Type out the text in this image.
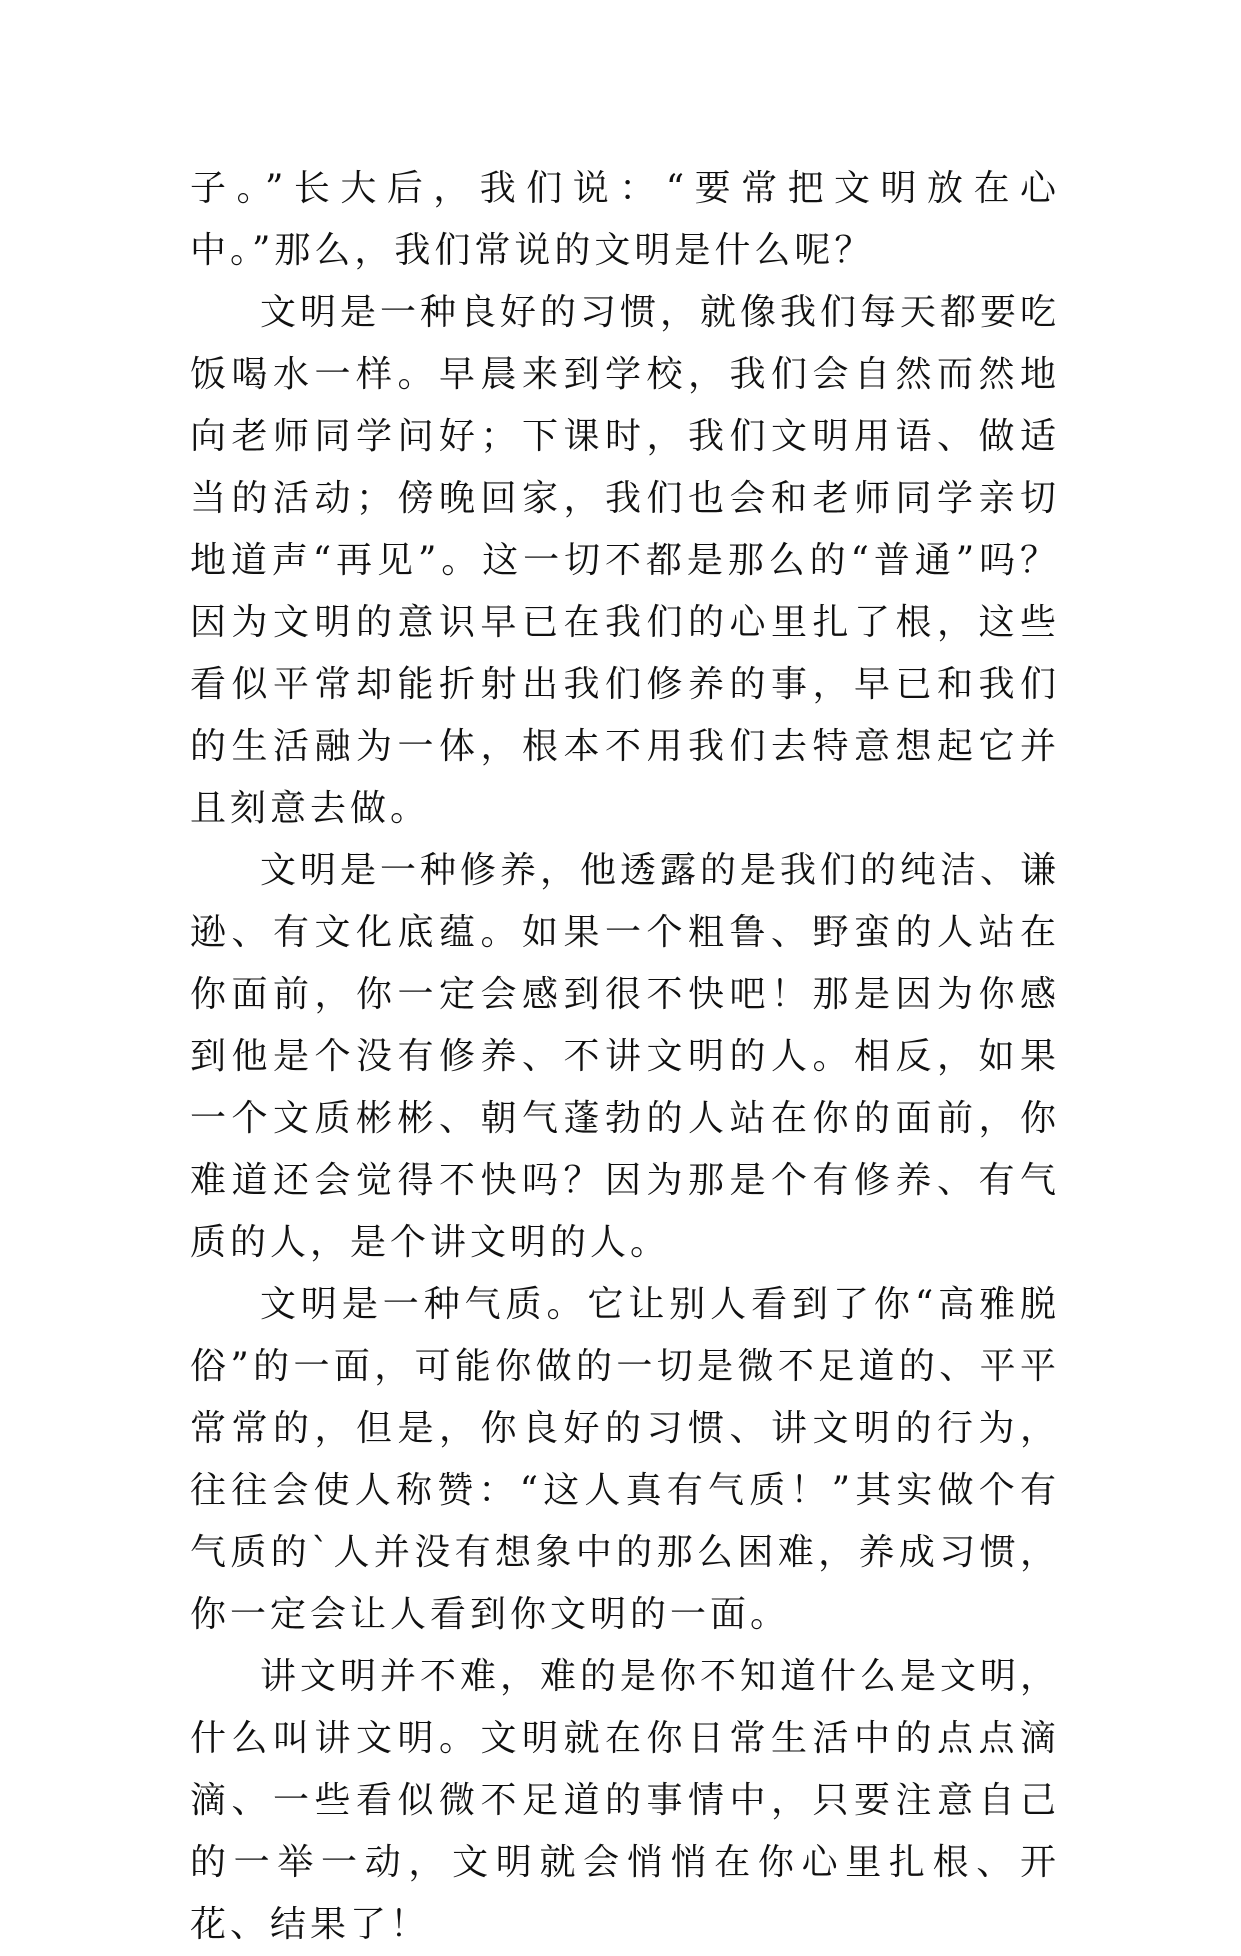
子。”长大后，我们说：“要常把文明放在心中。”那么，我们常说的文明是什么呢？

文明是一种良好的习惯，就像我们每天都要吃饭喝水一样。早晨来到学校，我们会自然而然地向老师同学问好；下课时，我们文明用语、做适当的活动；傍晚回家，我们也会和老师同学亲切地道声“再见”。这一切不都是那么的“普通”吗？因为文明的意识早已在我们的心里扎了根，这些看似平常却能折射出我们修养的事，早已和我们的生活融为一体，根本不用我们去特意想起它并且刻意去做。

文明是一种修养，他透露的是我们的纯洁、谦逊、有文化底蕴。如果一个粗鲁、野蛮的人站在你面前，你一定会感到很不快吧！那是因为你感到他是个没有修养、不讲文明的人。相反，如果一个文质彬彬、朝气蓬勃的人站在你的面前，你难道还会觉得不快吗？因为那是个有修养、有气质的人，是个讲文明的人。

文明是一种气质。它让别人看到了你“高雅脱俗”的一面，可能你做的一切是微不足道的、平平常常的，但是，你良好的习惯、讲文明的行为，往往会使人称赞：“这人真有气质！”其实做个有气质的`人并没有想象中的那么困难，养成习惯，你一定会让人看到你文明的一面。

讲文明并不难，难的是你不知道什么是文明，什么叫讲文明。文明就在你日常生活中的点点滴滴、一些看似微不足道的事情中，只要注意自己的一举一动，文明就会悄悄在你心里扎根、开花、结果了！
